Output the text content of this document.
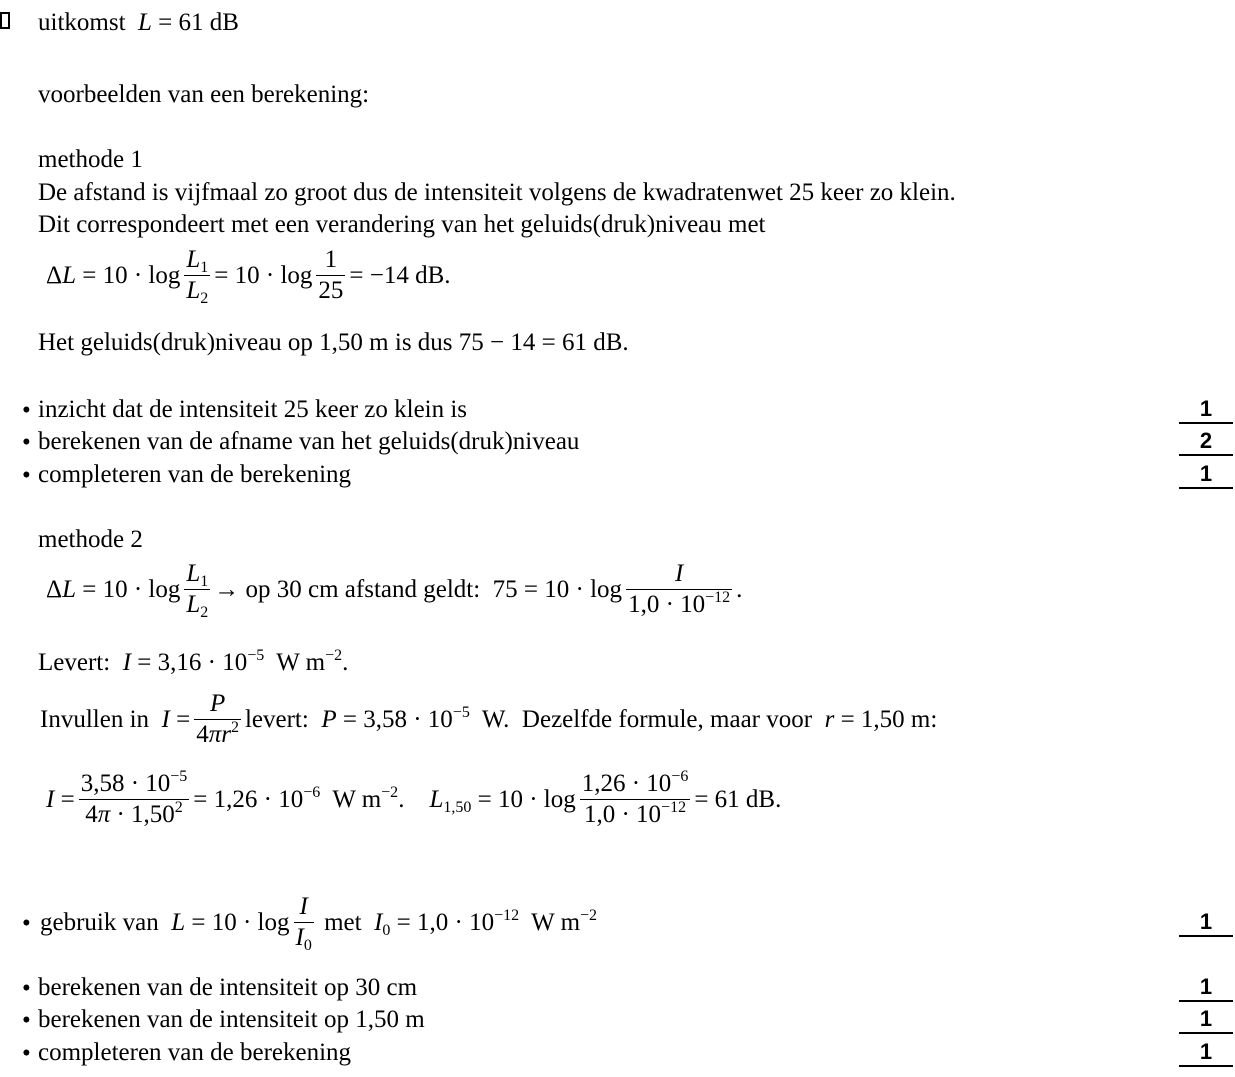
uitkomst L = 61 dB
voorbeelden van een berekening:
methode 1
De afstand is vijfmaal zo groot dus de intensiteit volgens de kwadratenwet 25 keer zo klein.
Dit correspondeert met een verandering van het geluids(druk)niveau met
$\Delta L = 10 \cdot \log \frac{L_1}{L_2} = 10 \cdot \log \frac{1}{25} = -14$ dB.
Het geluids(druk)niveau op 1,50 m is dus 75 − 14 = 61 dB.
• inzicht dat de intensiteit 25 keer zo klein is	1
• berekenen van de afname van het geluids(druk)niveau	2
• completeren van de berekening	1
methode 2
$\Delta L = 10 \cdot \log \frac{L_1}{L_2}$ → op 30 cm afstand geldt:  $75 = 10 \cdot \log \frac{I}{1,0 \cdot 10^{-12}}$ .
Levert:  $I = 3,16 \cdot 10^{-5}$  W $m^{-2}$.
Invullen in  $I = \frac{P}{4\pi r^2}$ levert:  $P = 3,58 \cdot 10^{-5}$  W.  Dezelfde formule, maar voor  r = 1,50 m:
$I = \frac{3,58 \cdot 10^{-5}}{4\pi \cdot 1,50^2} = 1,26 \cdot 10^{-6}$  W $m^{-2}$.    $L_{1,50} = 10 \cdot \log \frac{1,26 \cdot 10^{-6}}{1,0 \cdot 10^{-12}} = 61$ dB.
• gebruik van  $L = 10 \cdot \log \frac{I}{I_0}$ met  $I_0 = 1,0 \cdot 10^{-12}$  W $m^{-2}$	1
• berekenen van de intensiteit op 30 cm	1
• berekenen van de intensiteit op 1,50 m	1
• completeren van de berekening	1
